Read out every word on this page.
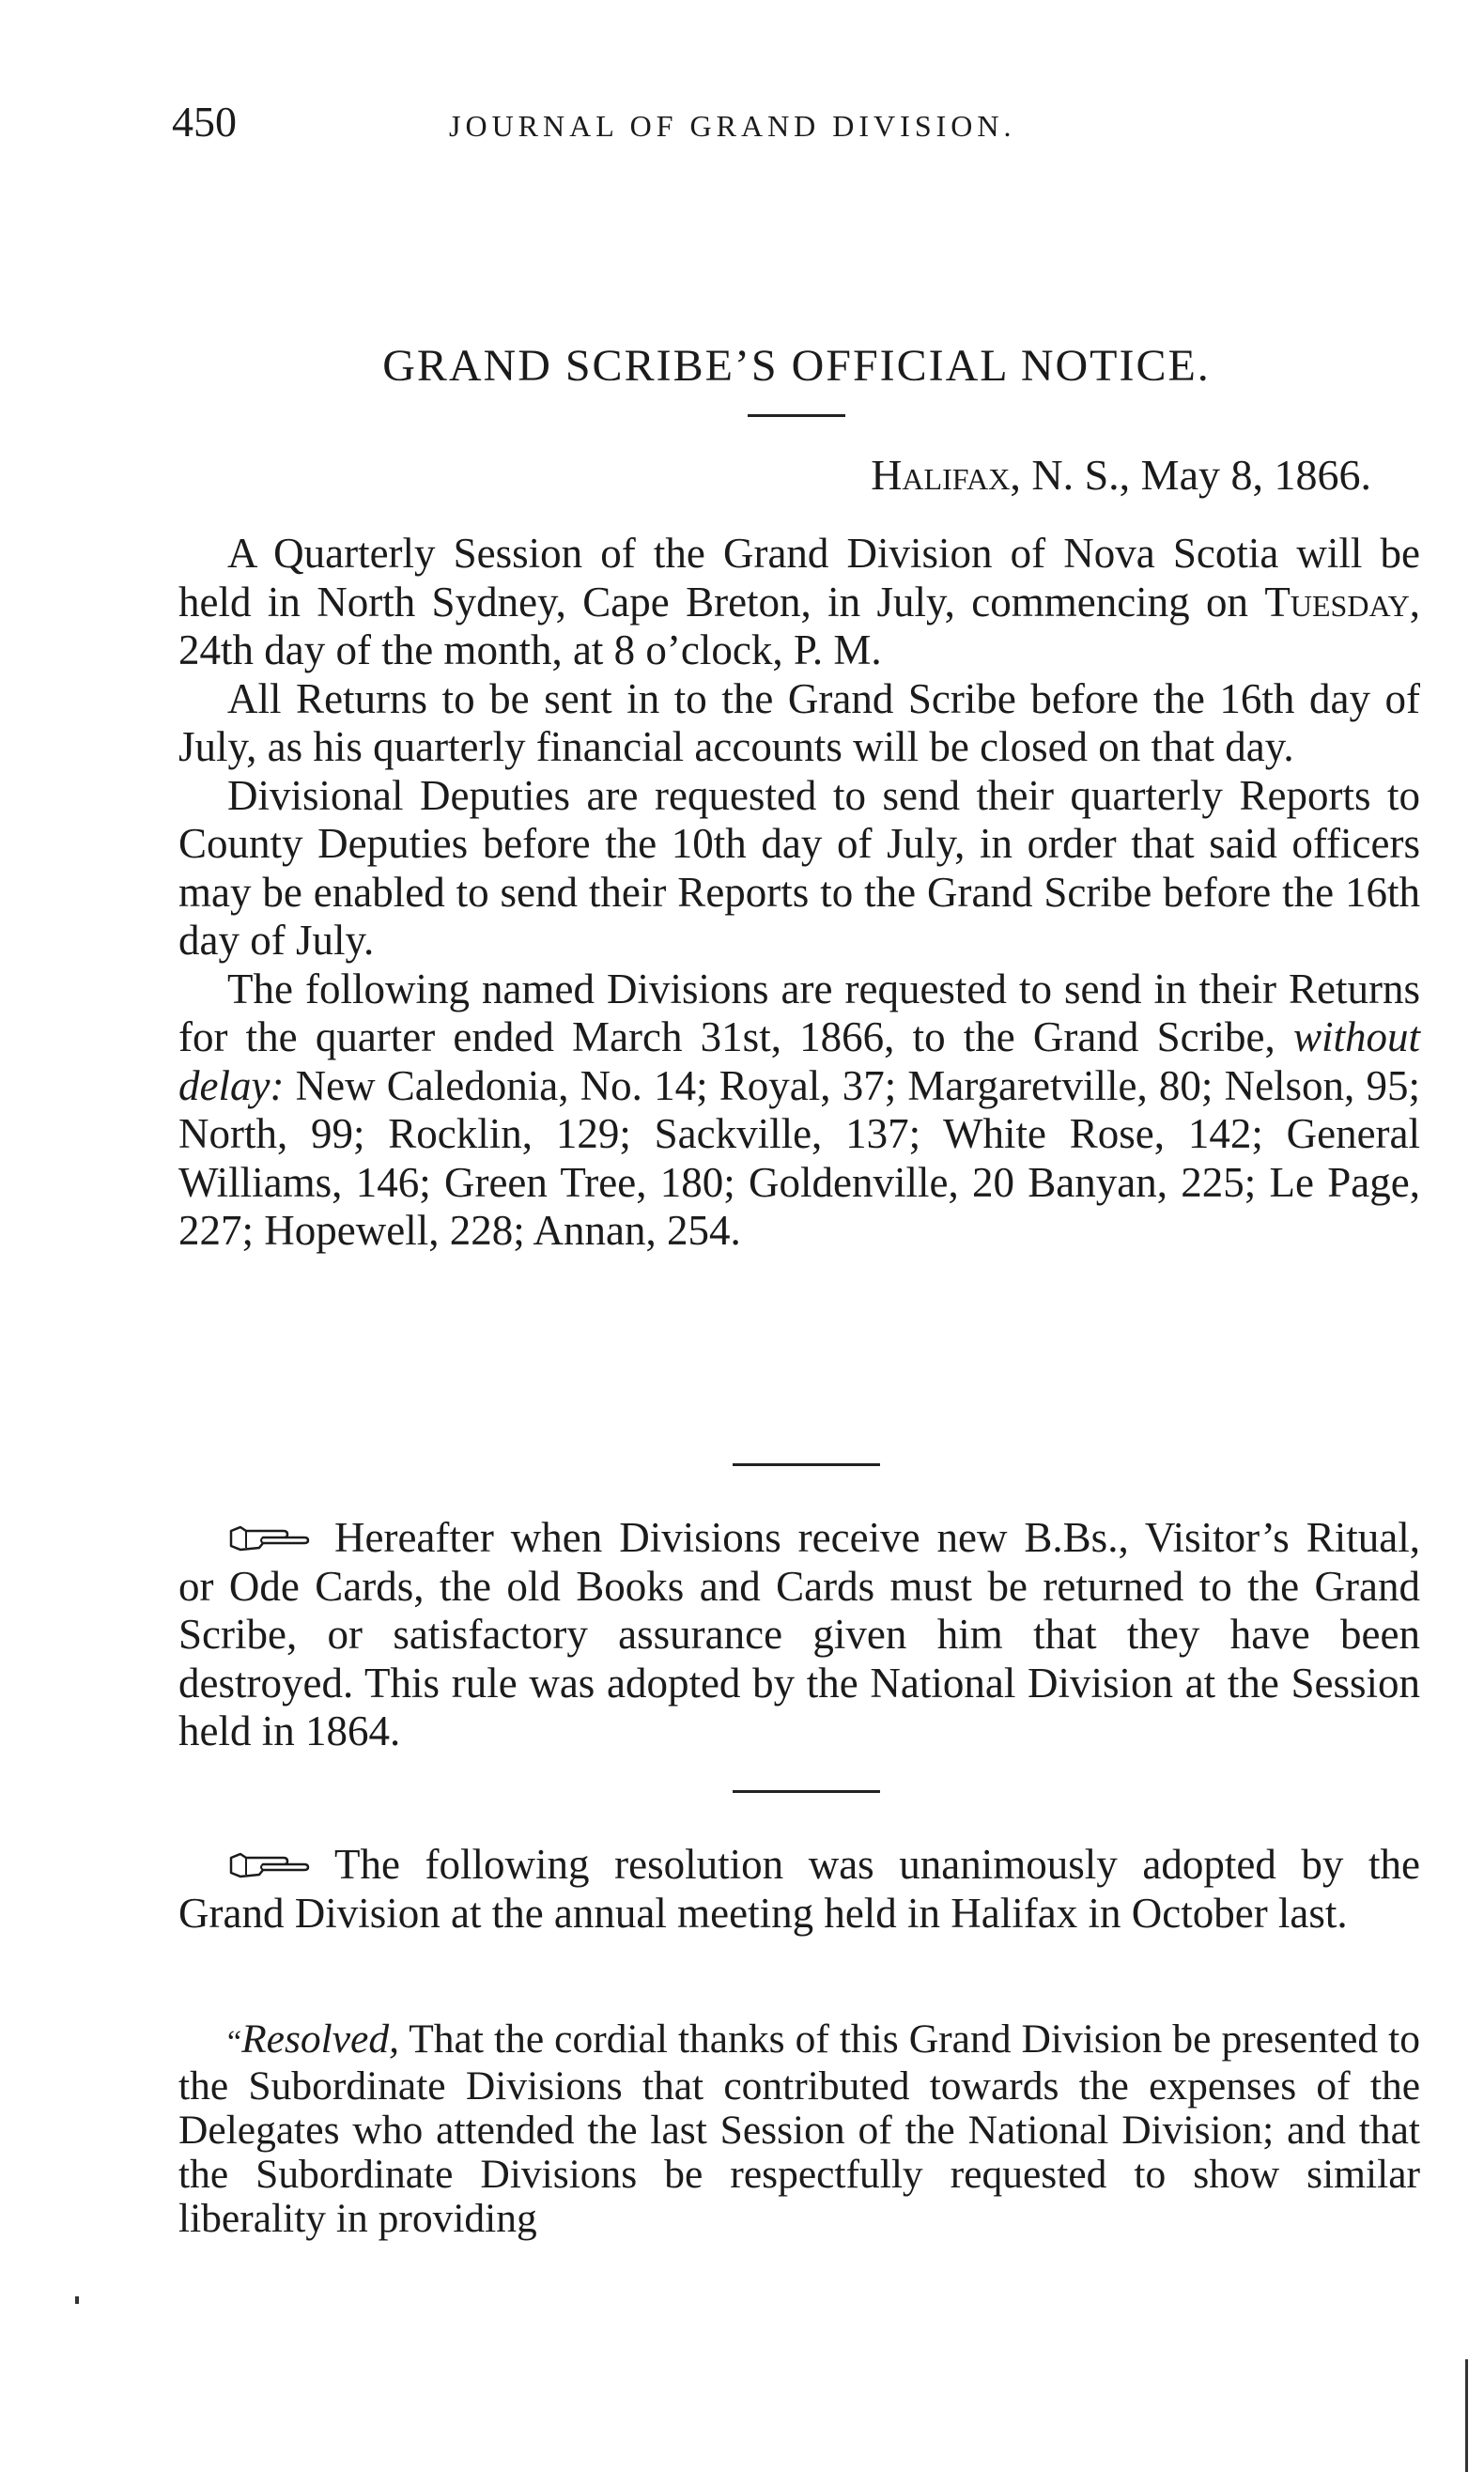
450	JOURNAL OF GRAND DIVISION.
GRAND SCRIBE’S OFFICIAL NOTICE.
Halifax, N. S., May 8, 1866.

A Quarterly Session of the Grand Division of Nova Scotia will be held in North Sydney, Cape Breton, in July, commencing on Tuesday, 24th day of the month, at 8 o’clock, P. M.

All Returns to be sent in to the Grand Scribe before the 16th day of July, as his quarterly financial accounts will be closed on that day.

Divisional Deputies are requested to send their quarterly Reports to County Deputies before the 10th day of July, in order that said officers may be enabled to send their Reports to the Grand Scribe before the 16th day of July.

The following named Divisions are requested to send in their Returns for the quarter ended March 31st, 1866, to the Grand Scribe, without delay: New Caledonia, No. 14; Royal, 37; Margaretville, 80; Nelson, 95; North, 99; Rocklin, 129; Sackville, 137; White Rose, 142; General Williams, 146; Green Tree, 180; Goldenville, 20 Banyan, 225; Le Page, 227; Hopewell, 228; Annan, 254.

Hereafter when Divisions receive new B.Bs., Visitor’s Ritual, or Ode Cards, the old Books and Cards must be returned to the Grand Scribe, or satisfactory assurance given him that they have been destroyed. This rule was adopted by the National Division at the Session held in 1864.

The following resolution was unanimously adopted by the Grand Division at the annual meeting held in Halifax in October last.

“Resolved, That the cordial thanks of this Grand Division be presented to the Subordinate Divisions that contributed towards the expenses of the Delegates who attended the last Session of the National Division; and that the Subordinate Divisions be respectfully requested to show similar liberality in providing
